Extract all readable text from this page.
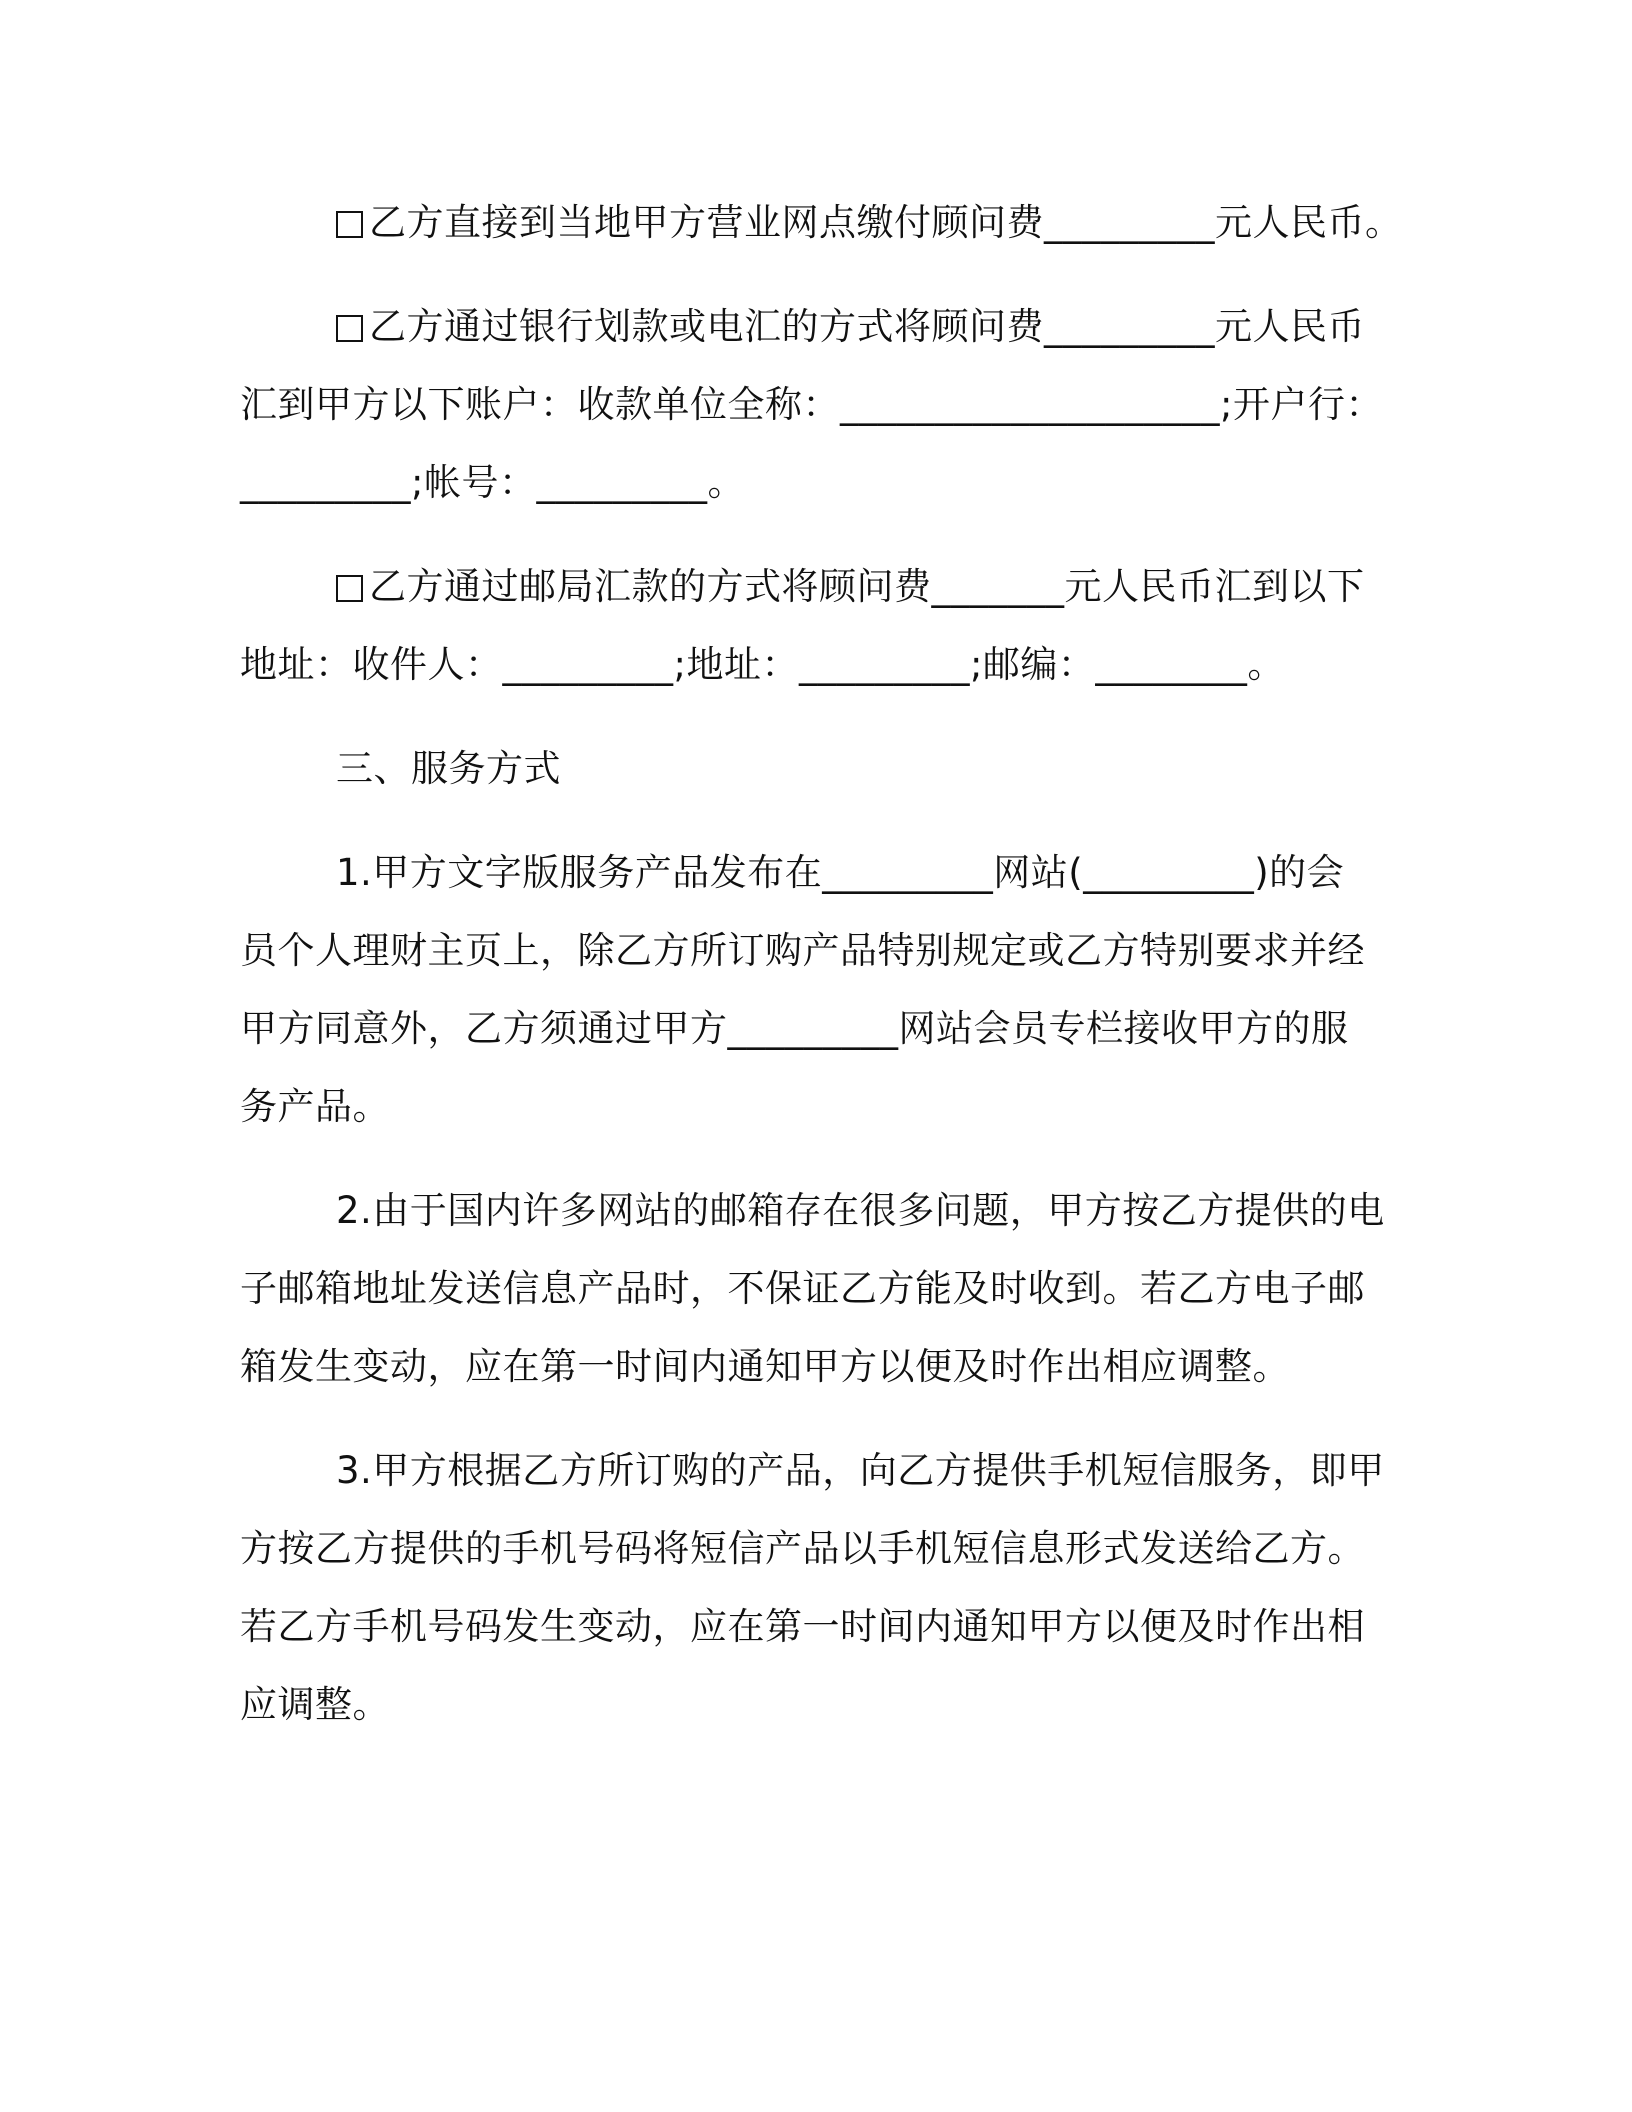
乙方直接到当地甲方营业网点缴付顾问费_________元人民币。

乙方通过银行划款或电汇的方式将顾问费_________元人民币
汇到甲方以下账户：收款单位全称：____________________;开户行：
_________;帐号：_________。

乙方通过邮局汇款的方式将顾问费_______元人民币汇到以下
地址：收件人：_________;地址：_________;邮编：________。

三、服务方式

1.甲方文字版服务产品发布在_________网站(_________)的会
员个人理财主页上，除乙方所订购产品特别规定或乙方特别要求并经
甲方同意外，乙方须通过甲方_________网站会员专栏接收甲方的服
务产品。

2.由于国内许多网站的邮箱存在很多问题，甲方按乙方提供的电
子邮箱地址发送信息产品时，不保证乙方能及时收到。若乙方电子邮
箱发生变动，应在第一时间内通知甲方以便及时作出相应调整。

3.甲方根据乙方所订购的产品，向乙方提供手机短信服务，即甲
方按乙方提供的手机号码将短信产品以手机短信息形式发送给乙方。
若乙方手机号码发生变动，应在第一时间内通知甲方以便及时作出相
应调整。
